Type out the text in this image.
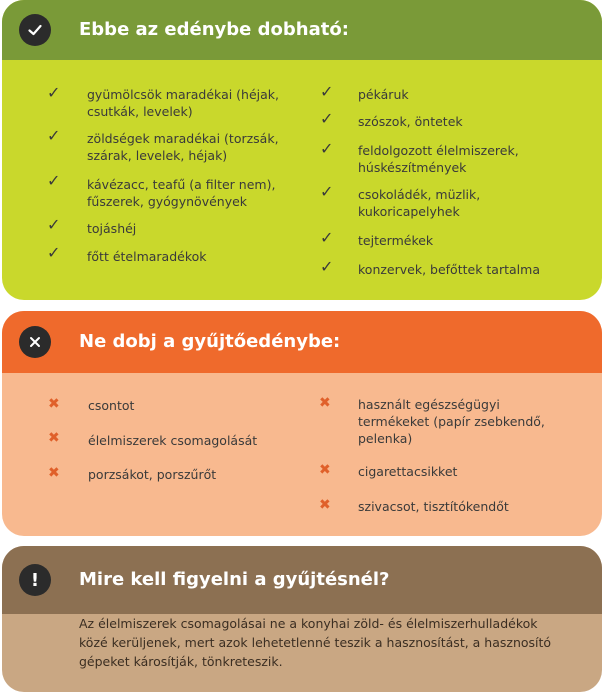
Ebbe az edénybe dobható:
✓ gyümölcsök maradékai (héjak,
csutkák, levelek)
✓ zöldségek maradékai (torzsák,
szárak, levelek, héjak)
✓ kávézacc, teafű (a filter nem),
fűszerek, gyógynövények
✓ tojáshéj
✓ főtt ételmaradékok
✓ pékáruk
✓ szószok, öntetek
✓ feldolgozott élelmiszerek,
húskészítmények
✓ csokoládék, müzlik,
kukoricapelyhek
✓ tejtermékek
✓ konzervek, befőttek tartalma
Ne dobj a gyűjtőedénybe:
✖ csontot
✖ élelmiszerek csomagolását
✖ porzsákot, porszűrőt
✖ használt egészségügyi
termékeket (papír zsebkendő,
pelenka)
✖ cigarettacsikket
✖ szivacsot, tisztítókendőt
!	Mire kell figyelni a gyűjtésnél?
Az élelmiszerek csomagolásai ne a konyhai zöld- és élelmiszerhulladékok közé kerüljenek, mert azok lehetetlenné teszik a hasznosítást, a hasznosító gépeket károsítják, tönkreteszik.
